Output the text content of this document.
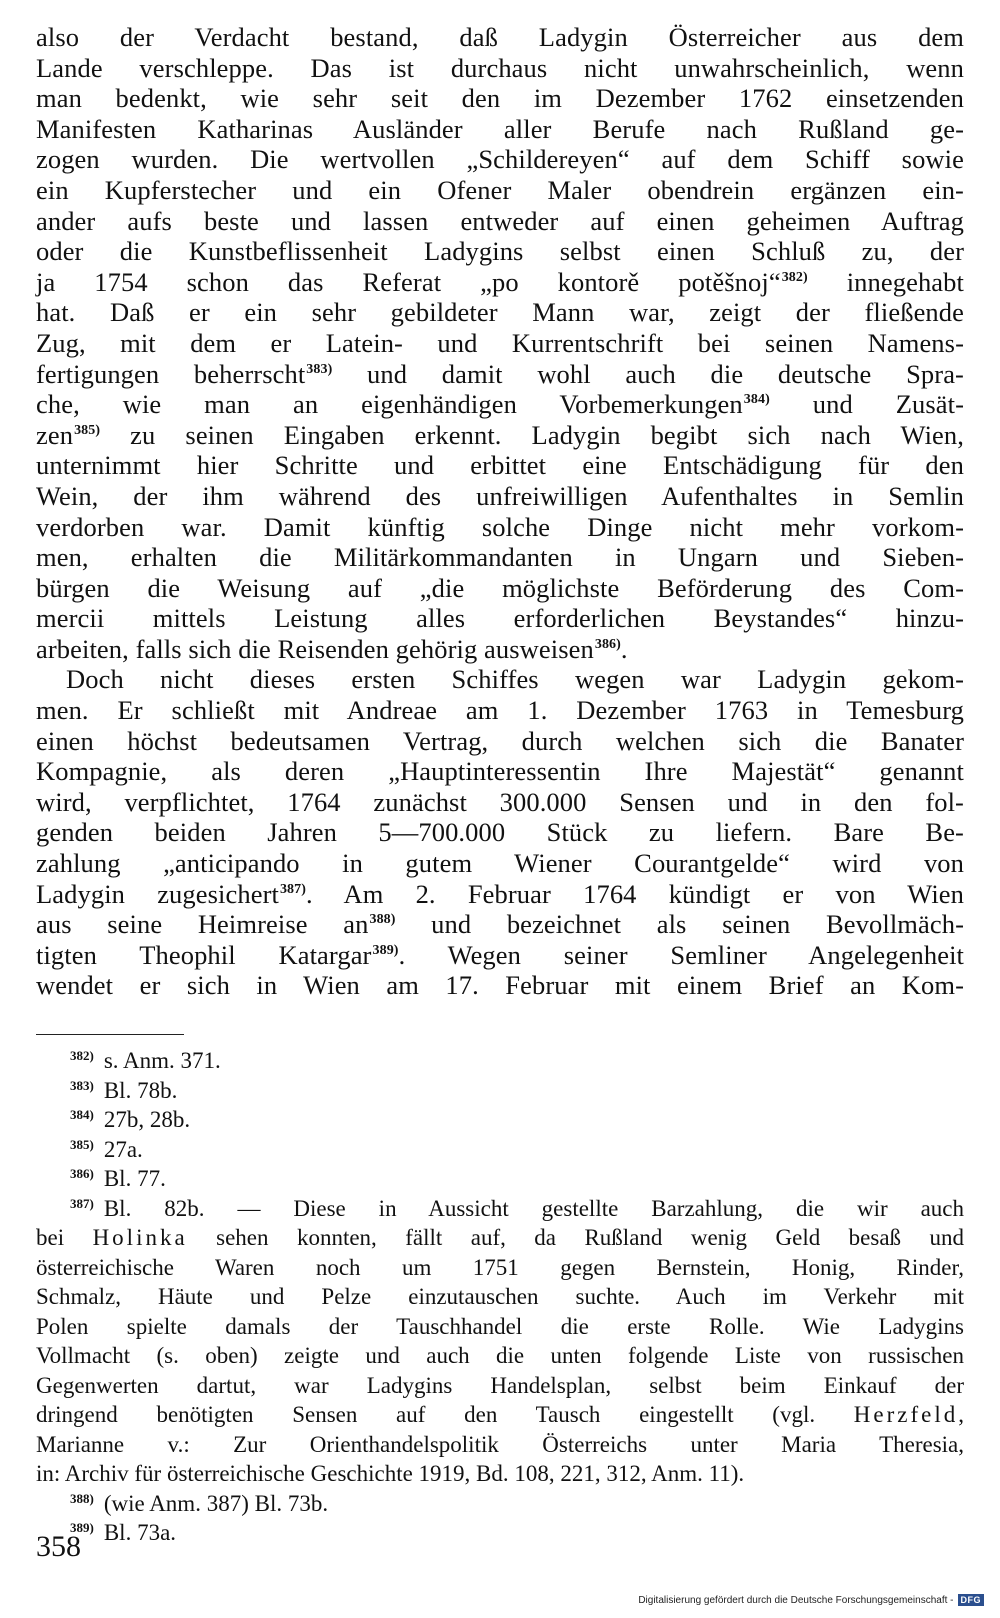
also der Verdacht bestand, daß Ladygin Österreicher aus dem
Lande verschleppe. Das ist durchaus nicht unwahrscheinlich, wenn
man bedenkt, wie sehr seit den im Dezember 1762 einsetzenden
Manifesten Katharinas Ausländer aller Berufe nach Rußland ge-
zogen wurden. Die wertvollen „Schildereyen“ auf dem Schiff sowie
ein Kupferstecher und ein Ofener Maler obendrein ergänzen ein-
ander aufs beste und lassen entweder auf einen geheimen Auftrag
oder die Kunstbeflissenheit Ladygins selbst einen Schluß zu, der
ja 1754 schon das Referat „po kontorě potěšnoj“$^{382)}$ innegehabt
hat. Daß er ein sehr gebildeter Mann war, zeigt der fließende
Zug, mit dem er Latein- und Kurrentschrift bei seinen Namens-
fertigungen beherrscht$^{383)}$ und damit wohl auch die deutsche Spra-
che, wie man an eigenhändigen Vorbemerkungen$^{384)}$ und Zusät-
zen$^{385)}$ zu seinen Eingaben erkennt. Ladygin begibt sich nach Wien,
unternimmt hier Schritte und erbittet eine Entschädigung für den
Wein, der ihm während des unfreiwilligen Aufenthaltes in Semlin
verdorben war. Damit künftig solche Dinge nicht mehr vorkom-
men, erhalten die Militärkommandanten in Ungarn und Sieben-
bürgen die Weisung auf „die möglichste Beförderung des Com-
mercii mittels Leistung alles erforderlichen Beystandes“ hinzu-
arbeiten, falls sich die Reisenden gehörig ausweisen$^{386)}$.
Doch nicht dieses ersten Schiffes wegen war Ladygin gekom-
men. Er schließt mit Andreae am 1. Dezember 1763 in Temesburg
einen höchst bedeutsamen Vertrag, durch welchen sich die Banater
Kompagnie, als deren „Hauptinteressentin Ihre Majestät“ genannt
wird, verpflichtet, 1764 zunächst 300.000 Sensen und in den fol-
genden beiden Jahren 5—700.000 Stück zu liefern. Bare Be-
zahlung „anticipando in gutem Wiener Courantgelde“ wird von
Ladygin zugesichert$^{387)}$. Am 2. Februar 1764 kündigt er von Wien
aus seine Heimreise an$^{388)}$ und bezeichnet als seinen Bevollmäch-
tigten Theophil Katargar$^{389)}$. Wegen seiner Semliner Angelegenheit
wendet er sich in Wien am 17. Februar mit einem Brief an Kom-
$^{382)}$ s. Anm. 371.
$^{383)}$ Bl. 78b.
$^{384)}$ 27b, 28b.
$^{385)}$ 27a.
$^{386)}$ Bl. 77.
$^{387)}$ Bl. 82b. — Diese in Aussicht gestellte Barzahlung, die wir auch
bei Holinka sehen konnten, fällt auf, da Rußland wenig Geld besaß und
österreichische Waren noch um 1751 gegen Bernstein, Honig, Rinder,
Schmalz, Häute und Pelze einzutauschen suchte. Auch im Verkehr mit
Polen spielte damals der Tauschhandel die erste Rolle. Wie Ladygins
Vollmacht (s. oben) zeigte und auch die unten folgende Liste von russischen
Gegenwerten dartut, war Ladygins Handelsplan, selbst beim Einkauf der
dringend benötigten Sensen auf den Tausch eingestellt (vgl. Herzfeld,
Marianne v.: Zur Orienthandelspolitik Österreichs unter Maria Theresia,
in: Archiv für österreichische Geschichte 1919, Bd. 108, 221, 312, Anm. 11).
$^{388)}$ (wie Anm. 387) Bl. 73b.
$^{389)}$ Bl. 73a.
358
Digitalisierung gefördert durch die Deutsche Forschungsgemeinschaft - DFG
